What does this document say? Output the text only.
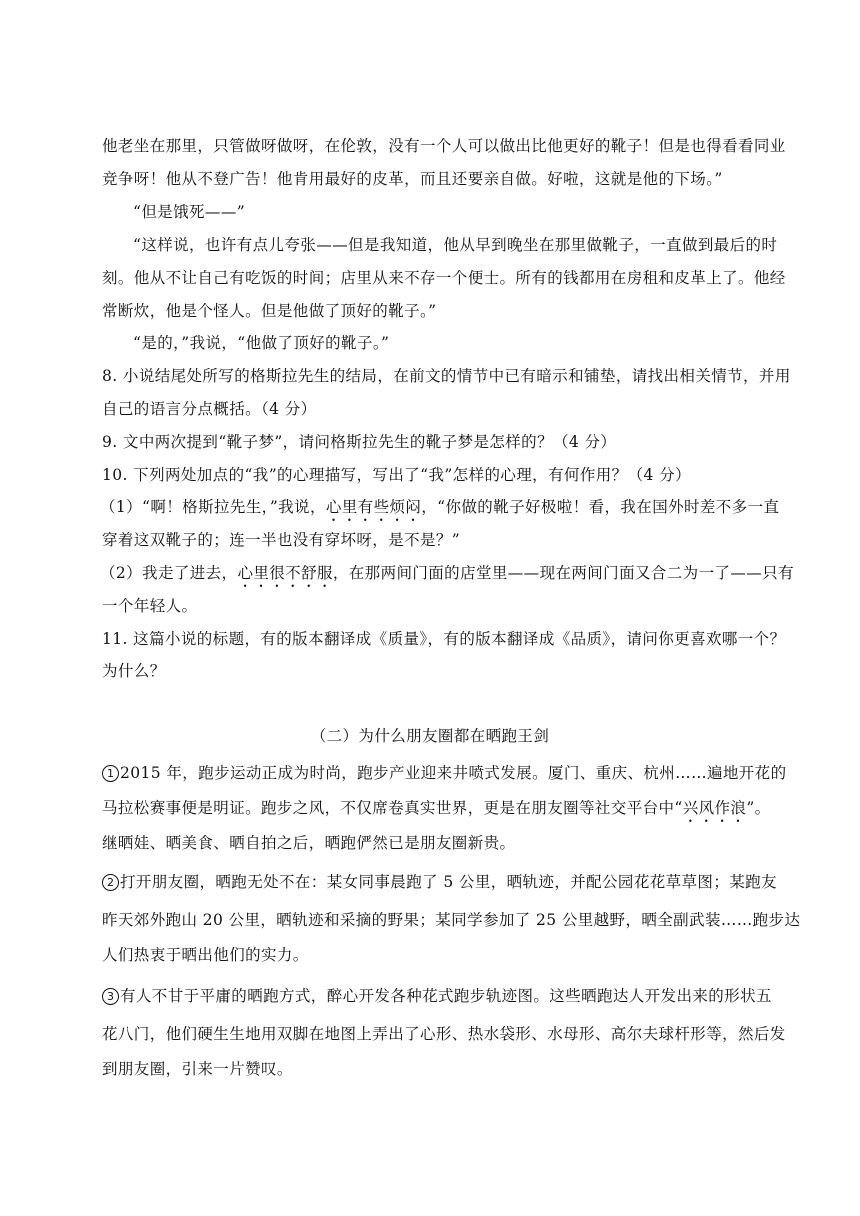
他老坐在那里，只管做呀做呀，在伦敦，没有一个人可以做出比他更好的靴子！但是也得看看同业
竞争呀！他从不登广告！他肯用最好的皮革，而且还要亲自做。好啦，这就是他的下场。”
“但是饿死——”
“这样说，也许有点儿夸张——但是我知道，他从早到晚坐在那里做靴子，一直做到最后的时
刻。他从不让自己有吃饭的时间；店里从来不存一个便士。所有的钱都用在房租和皮革上了。他经
常断炊，他是个怪人。但是他做了顶好的靴子。”
“是的，”我说，“他做了顶好的靴子。”
8. 小说结尾处所写的格斯拉先生的结局，在前文的情节中已有暗示和铺垫，请找出相关情节，并用
自己的语言分点概括。（4 分）
9. 文中两次提到“靴子梦”，请问格斯拉先生的靴子梦是怎样的？（4 分）
10. 下列两处加点的“我”的心理描写，写出了“我”怎样的心理，有何作用？（4 分）
（1）“啊！格斯拉先生，”我说，心里有些烦闷，“你做的靴子好极啦！看，我在国外时差不多一直
穿着这双靴子的；连一半也没有穿坏呀，是不是？”
（2）我走了进去，心里很不舒服，在那两间门面的店堂里——现在两间门面又合二为一了——只有
一个年轻人。
11. 这篇小说的标题，有的版本翻译成《质量》，有的版本翻译成《品质》，请问你更喜欢哪一个？
为什么？
（二）为什么朋友圈都在晒跑王剑
1 2015 年，跑步运动正成为时尚，跑步产业迎来井喷式发展。厦门、重庆、杭州……遍地开花的
马拉松赛事便是明证。跑步之风，不仅席卷真实世界，更是在朋友圈等社交平台中“兴风作浪”。
继晒娃、晒美食、晒自拍之后，晒跑俨然已是朋友圈新贵。
2 打开朋友圈，晒跑无处不在：某女同事晨跑了 5 公里，晒轨迹，并配公园花花草草图；某跑友
昨天郊外跑山 20 公里，晒轨迹和采摘的野果；某同学参加了 25 公里越野，晒全副武装……跑步达
人们热衷于晒出他们的实力。
3 有人不甘于平庸的晒跑方式，醉心开发各种花式跑步轨迹图。这些晒跑达人开发出来的形状五
花八门，他们硬生生地用双脚在地图上弄出了心形、热水袋形、水母形、高尔夫球杆形等，然后发
到朋友圈，引来一片赞叹。
